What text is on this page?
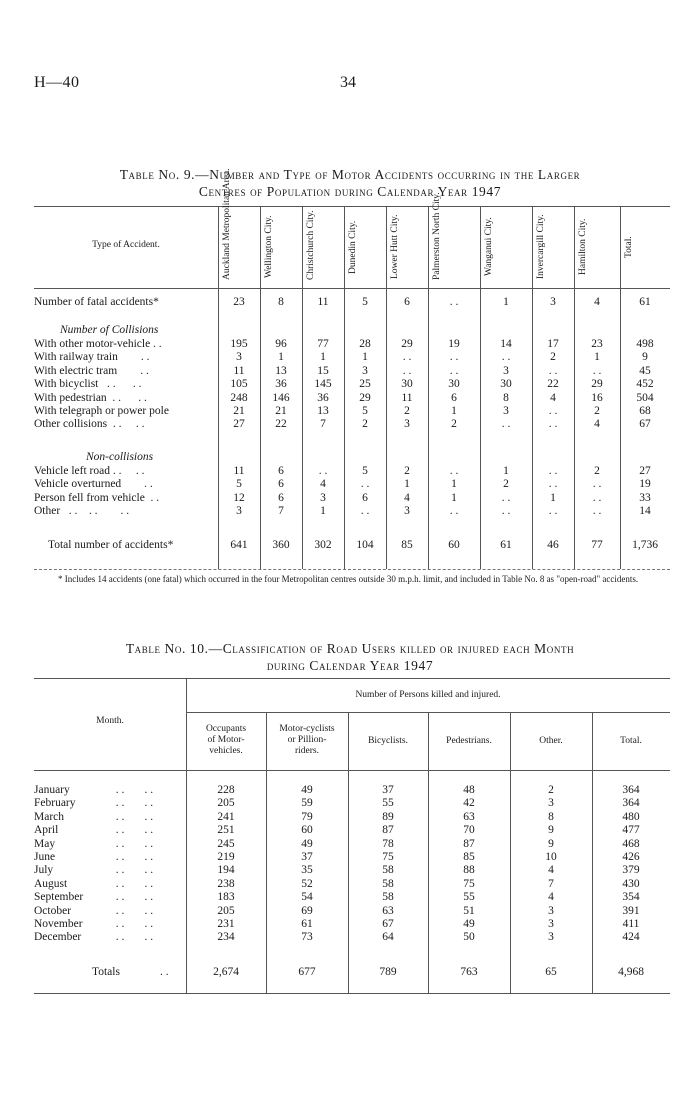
H—40	34
Table No. 9.—Number and Type of Motor Accidents occurring in the Larger
Centres of Population during Calendar Year 1947
Type of Accident.	Auckland Metropolitan Area.	Wellington City.	Christchurch City.	Dunedin City.	Lower Hutt City.	Palmerston North City.	Wanganui City.	Invercargill City.	Hamilton City.	Total.
Number of fatal accidents*	23	8	11	5	6	. .	1	3	4	61
Number of Collisions
With other motor-vehicle . .	195	96	77	28	29	19	14	17	23	498
With railway train        . .	3	1	1	1	. .	. .	. .	2	1	9
With electric tram        . .	11	13	15	3	. .	. .	3	. .	. .	45
With bicyclist   . .      . .	105	36	145	25	30	30	30	22	29	452
With pedestrian  . .      . .	248	146	36	29	11	6	8	4	16	504
With telegraph or power pole	21	21	13	5	2	1	3	. .	2	68
Other collisions  . .     . .	27	22	7	2	3	2	. .	. .	4	67
Non-collisions
Vehicle left road . .     . .	11	6	. .	5	2	. .	1	. .	2	27
Vehicle overturned        . .	5	6	4	. .	1	1	2	. .	. .	19
Person fell from vehicle  . .	12	6	3	6	4	1	. .	1	. .	33
Other   . .    . .        . .	3	7	1	. .	3	. .	. .	. .	. .	14
Total number of accidents*	641	360	302	104	85	60	61	46	77	1,736
* Includes 14 accidents (one fatal) which occurred in the four Metropolitan centres outside 30 m.p.h. limit, and included in Table No. 8 as "open-road" accidents.
Table No. 10.—Classification of Road Users killed or injured each Month
during Calendar Year 1947
Month.
Number of Persons killed and injured.
Occupants
of Motor-
vehicles.
Motor-cyclists
or Pillion-
riders.
Bicyclists.	Pedestrians.	Other.	Total.
January	. .       . .	228	49	37	48	2	364
February	. .       . .	205	59	55	42	3	364
March	. .       . .	241	79	89	63	8	480
April	. .       . .	251	60	87	70	9	477
May	. .       . .	245	49	78	87	9	468
June	. .       . .	219	37	75	85	10	426
July	. .       . .	194	35	58	88	4	379
August	. .       . .	238	52	58	75	7	430
September	. .       . .	183	54	58	55	4	354
October	. .       . .	205	69	63	51	3	391
November	. .       . .	231	61	67	49	3	411
December	. .       . .	234	73	64	50	3	424
Totals	. .	2,674	677	789	763	65	4,968
